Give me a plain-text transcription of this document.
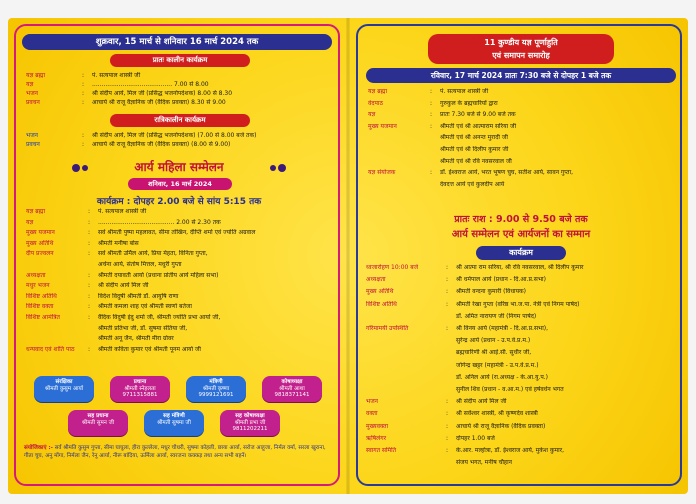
शुक्रवार, 15 मार्च से शनिवार 16 मार्च 2024 तक
प्रातः कालीन कार्यक्रम
यज्ञ ब्रह्मा	: पं. सत्यपाल शास्त्री जी
यज्ञ	: .......................................... 7.00 से 8.00
भजन	: श्री संदीप आर्य, मिल जी (प्रसिद्ध भजनोपदेशक) 8.00 से 8.30
प्रवचन	: आचार्य श्री राजू वैज्ञानिक जी (वैदिक प्रवक्ता) 8.30 से 9.00
रात्रिकालीन कार्यक्रम
भजन	: श्री संदीप आर्य, मिल जी (प्रसिद्ध भजनोपदेशक) (7.00 से 8.00 बजे तक)
प्रवचन	: आचार्य श्री राजू वैज्ञानिक जी (वैदिक प्रवक्ता) (8.00 से 9.00)
आर्य महिला सम्मेलन
शनिवार, 16 मार्च 2024
कार्यक्रम : दोपहर 2.00 बजे से सांय 5:15 तक
यज्ञ ब्रह्मा	: पं. सत्यपाल शास्त्री जी
यज्ञ	: ........................................ 2.00 से 2.30 तक
मुख्य यजमान	: सर्व श्रीमती पुष्पा महलावत, सीमा तोखिन, दीप्ति शर्मा एवं ज्योति अग्रवाल
मुख्य अतिथि	: श्रीमती मनीषा बोस
दीप प्रज्वलन	: सर्व श्रीमती उर्मिल आर्य, प्रिया मेहता, विनिता गुप्ता,
अर्चना आर्य, संतोष मित्तल, मधुरी गुप्ता
अध्यक्षता	: श्रीमती दयावती आर्या (प्रधाना प्रांतीय आर्य महिला सभा)
मधुर भजन	: श्री संदीप आर्य मिल जी
विशिष्ट अतिथि	: विदेश विदुषी श्रीमती डॉ. आयुषि राणा
विशिष्ट वक्ता	: श्रीमती कमला शाह एवं श्रीमती स्वर्णा बतेजा
विशिष्ट आमंत्रित	: वैदिक विदुषी इंदु शर्मा जी, श्रीमती ज्योति प्रभा आर्या जी,
श्रीमती प्रतिभा जी, डॉ. सुषमा सेतिया जी,
श्रीमती अनू जैन, श्रीमती मीरा ग्रोवर
धन्यवाद एवं शांति पाठ : श्रीमती कविता कुमार एवं श्रीमती पूनम आर्या जी
संरक्षिका
श्रीमती कुसुम आर्या
प्रधाना
श्रीमती स्नेहलता
9711315881
मंत्रिणी
श्रीमती कृष्णा
9999121691
कोषाध्यक्षा
श्रीमती आशा
9818371141
सह प्रधाना
श्रीमती सुमन जी
सह मंत्रिणी
श्रीमती सुषमा जी
सह कोषाध्यक्षा
श्रीमती प्रभा जी
9811202211
संयोजिकाएं :- सर्व श्रीमति कुसुम गुप्ता, सीमा घाघुला, हीरा कुल्लेला, मधुर चौधरी, सुषमा कोहली, छाया आर्या, सरोज आहूजा, निर्मल वर्मा, सरला खुराना, गीता चुघ, अनु मोंगा, निर्मला जैन, रेनू आर्या, नीरू बांदिया, ऊर्मिला आर्या, स्वरजना कक्कड़ तथा अन्य सभी बहनें।
11 कुण्डीय यज्ञ पूर्णाहुति
एवं समापन समारोह
रविवार, 17 मार्च 2024 प्रातः 7:30 बजे से दोपहर 1 बजे तक
यज्ञ ब्रह्मा	: पं. सत्यपाल शास्त्री जी
वेदपाठ	: गुरुकुल के ब्रह्मचारियों द्वारा
यज्ञ	: प्रातः 7.30 बजे से 9.00 बजे तक
मुख्य यजमान	: श्रीमती एवं श्री आत्माराम सरिया जी
श्रीमती एवं श्री अनन्त मुरादी जी
श्रीमती एवं श्री दिलीप कुमार जी
श्रीमती एवं श्री रवि नवसरवाल जी
यज्ञ संयोजक	: डॉ. ईश्वराज आर्य, भरत भूषण चुघ, सतीश आर्य, सावन गुप्ता,
देवदत्त आर्य एवं कुलदीप आर्य
प्रातः राश : 9.00 से 9.50 बजे तक
आर्य सम्मेलन एवं आर्यजनों का सम्मान
कार्यक्रम
ध्वजारोहण 10:00 बजे	: श्री आत्मा राम सरिया, श्री रवि नवसरवाल, श्री दिलीप कुमार
अध्यक्षता	: श्री धर्मपाल आर्य (प्रधान - दि.आ.प्र.सभा)
मुख्य अतिथि	: श्रीमती वन्दना कुमारी (विधायक)
विशिष्ट अतिथि	: श्रीमती रेखा गुप्ता (वरिष्ठ भा.ज.पा. नेत्री एवं निगम पार्षद)
डॉ. अमित नारायण जी (निगम पार्षद)
गरिमामयी उपस्थिति	: श्री विनय आर्य (महामंत्री - दि.आ.प्र.सभा),
सुरेन्द्र आर्य (प्रधान - उ.प.वे.प्र.म.)
ब्रह्मचारिणी श्री आई.सी. सुधीर जी,
जोगेन्द्र खट्टर (महामंत्री - उ.प.वे.प्र.म.)
डॉ. अनिल आर्य (रा.अध्यक्ष - के.आ.यु.प.)
सुनील शिव (प्रधान - व.आ.म.) एवं हर्षवर्धन भगत
भजन	: श्री संदीप आर्य मिल जी
वक्ता	: श्री सर्वेश्वर शास्त्री, श्री कृष्णदेव शास्त्री
मुख्यवक्ता	: आचार्य श्री राजू वैज्ञानिक (वैदिक प्रवक्ता)
ऋषिलंगर	: दोपहर 1.00 बजे
स्वागत समिति	: के.आर. मल्होत्रा, डॉ. ईश्वराज आर्य, मुकेश कुमार,
संजय भगत, मनीष चौहान
